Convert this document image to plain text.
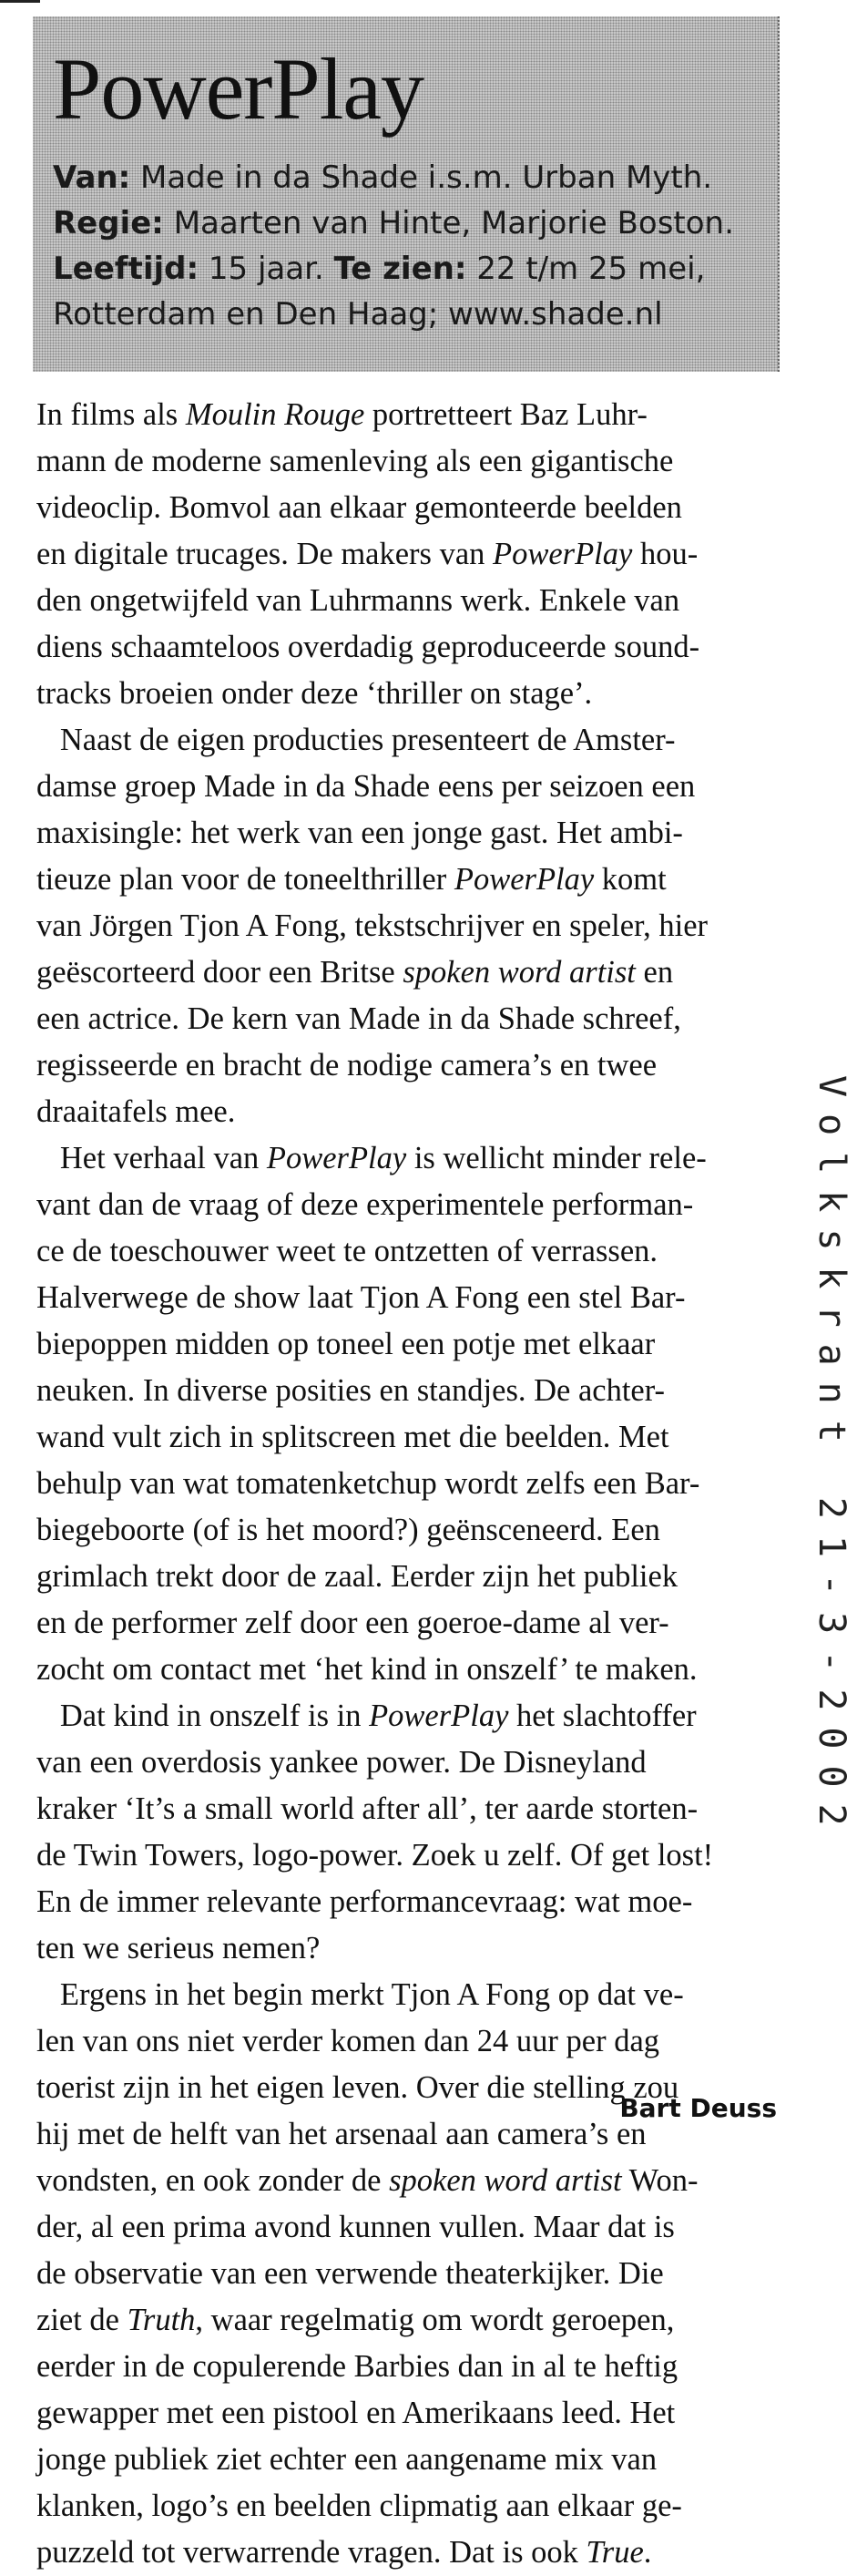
PowerPlay
Van: Made in da Shade i.s.m. Urban Myth.
Regie: Maarten van Hinte, Marjorie Boston.
Leeftijd: 15 jaar. Te zien: 22 t/m 25 mei,
Rotterdam en Den Haag; www.shade.nl
In films als Moulin Rouge portretteert Baz Luhr-
mann de moderne samenleving als een gigantische
videoclip. Bomvol aan elkaar gemonteerde beelden
en digitale trucages. De makers van PowerPlay hou-
den ongetwijfeld van Luhrmanns werk. Enkele van
diens schaamteloos overdadig geproduceerde sound-
tracks broeien onder deze ‘thriller on stage’.
Naast de eigen producties presenteert de Amster-
damse groep Made in da Shade eens per seizoen een
maxisingle: het werk van een jonge gast. Het ambi-
tieuze plan voor de toneelthriller PowerPlay komt
van Jörgen Tjon A Fong, tekstschrijver en speler, hier
geëscorteerd door een Britse spoken word artist en
een actrice. De kern van Made in da Shade schreef,
regisseerde en bracht de nodige camera’s en twee
draaitafels mee.
Het verhaal van PowerPlay is wellicht minder rele-
vant dan de vraag of deze experimentele performan-
ce de toeschouwer weet te ontzetten of verrassen.
Halverwege de show laat Tjon A Fong een stel Bar-
biepoppen midden op toneel een potje met elkaar
neuken. In diverse posities en standjes. De achter-
wand vult zich in splitscreen met die beelden. Met
behulp van wat tomatenketchup wordt zelfs een Bar-
biegeboorte (of is het moord?) geënsceneerd. Een
grimlach trekt door de zaal. Eerder zijn het publiek
en de performer zelf door een goeroe-dame al ver-
zocht om contact met ‘het kind in onszelf’ te maken.
Dat kind in onszelf is in PowerPlay het slachtoffer
van een overdosis yankee power. De Disneyland
kraker ‘It’s a small world after all’, ter aarde storten-
de Twin Towers, logo-power. Zoek u zelf. Of get lost!
En de immer relevante performancevraag: wat moe-
ten we serieus nemen?
Ergens in het begin merkt Tjon A Fong op dat ve-
len van ons niet verder komen dan 24 uur per dag
toerist zijn in het eigen leven. Over die stelling zou
hij met de helft van het arsenaal aan camera’s en
vondsten, en ook zonder de spoken word artist Won-
der, al een prima avond kunnen vullen. Maar dat is
de observatie van een verwende theaterkijker. Die
ziet de Truth, waar regelmatig om wordt geroepen,
eerder in de copulerende Barbies dan in al te heftig
gewapper met een pistool en Amerikaans leed. Het
jonge publiek ziet echter een aangename mix van
klanken, logo’s en beelden clipmatig aan elkaar ge-
puzzeld tot verwarrende vragen. Dat is ook True.
Bart Deuss
Volkskrant 21-3-2002
